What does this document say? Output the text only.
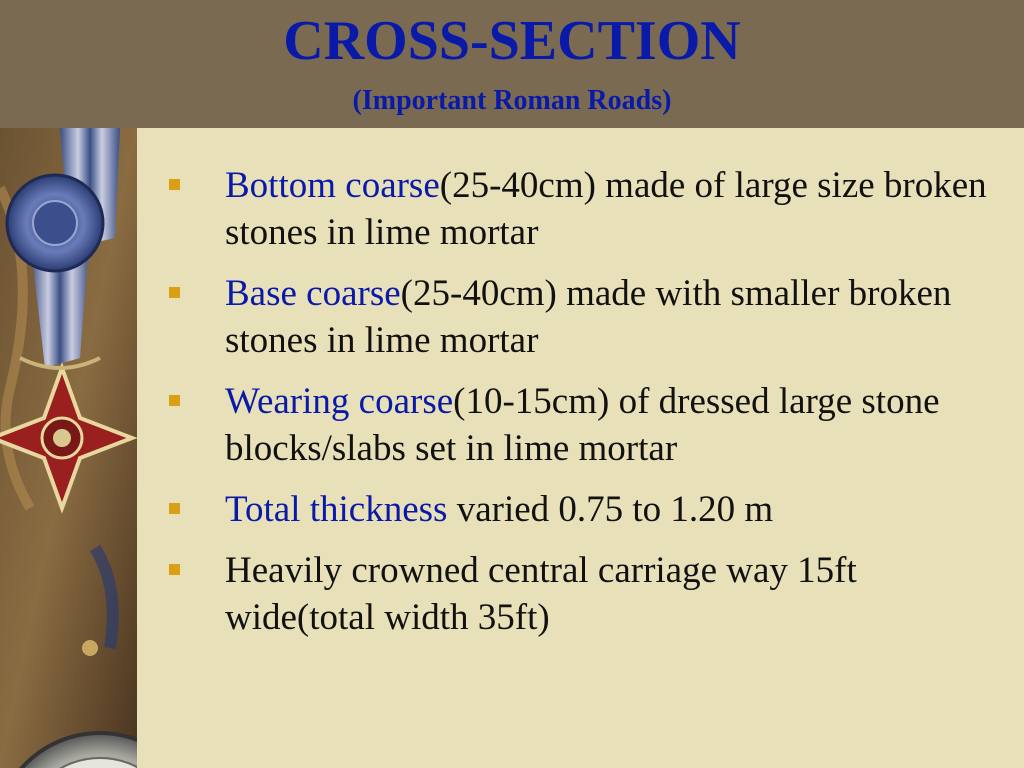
CROSS-SECTION
(Important Roman Roads)
Bottom coarse(25-40cm) made of large size broken stones in lime mortar
Base coarse(25-40cm) made with smaller broken stones in lime mortar
Wearing coarse(10-15cm) of dressed large stone blocks/slabs set in lime mortar
Total thickness varied 0.75 to 1.20 m
Heavily crowned central carriage way 15ft wide(total width 35ft)
